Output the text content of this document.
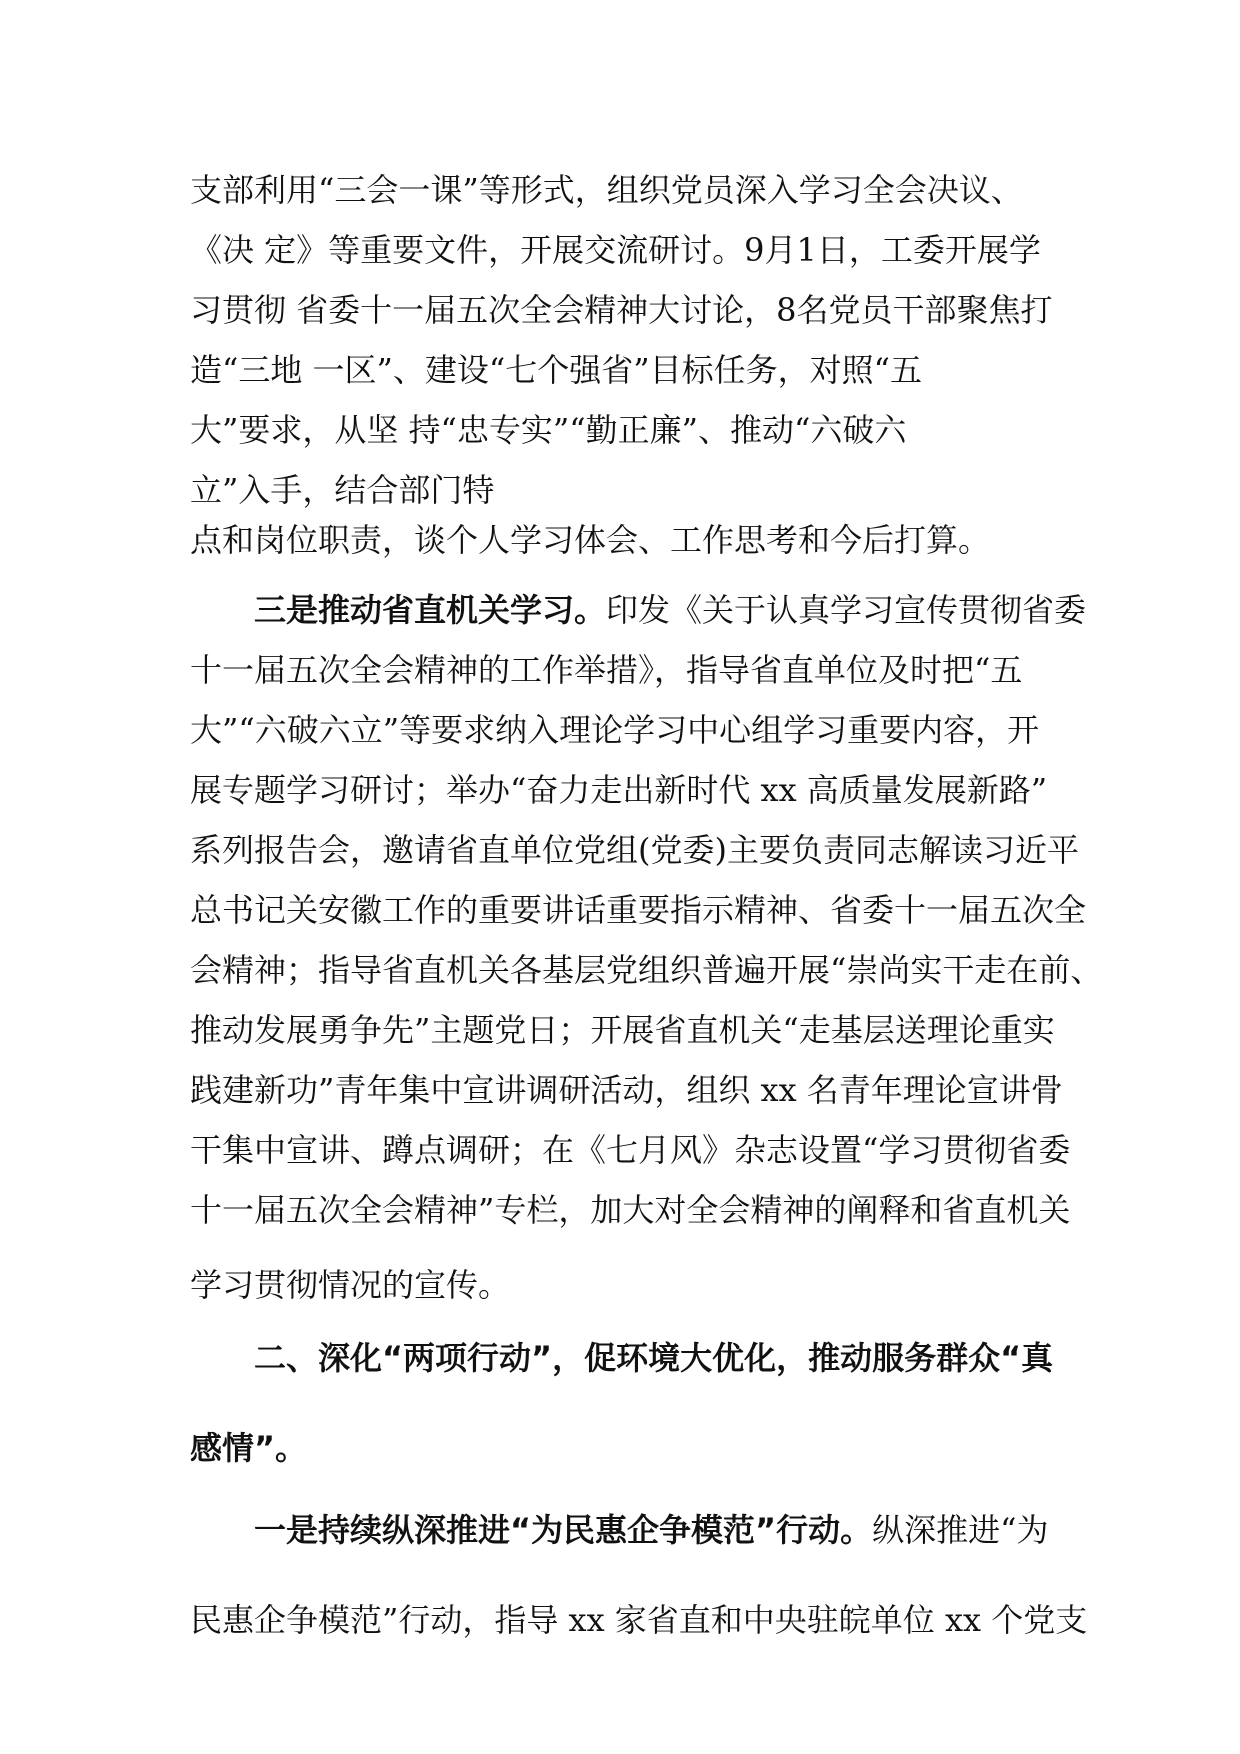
支部利用“三会一课”等形式，组织党员深入学习全会决议、
《决 定》等重要文件，开展交流研讨。9月1日，工委开展学
习贯彻 省委十一届五次全会精神大讨论，8名党员干部聚焦打
造“三地 一区”、建设“七个强省”目标任务，对照“五
大”要求，从坚 持“忠专实”“勤正廉”、推动“六破六
立”入手，结合部门特
点和岗位职责，谈个人学习体会、工作思考和今后打算。
三是推动省直机关学习。印发《关于认真学习宣传贯彻省委
十一届五次全会精神的工作举措》，指导省直单位及时把“五
大”“六破六立”等要求纳入理论学习中心组学习重要内容，开
展专题学习研讨；举办“奋力走出新时代 xx 高质量发展新路”
系列报告会，邀请省直单位党组(党委)主要负责同志解读习近平
总书记关安徽工作的重要讲话重要指示精神、省委十一届五次全
会精神；指导省直机关各基层党组织普遍开展“崇尚实干走在前、
推动发展勇争先”主题党日；开展省直机关“走基层送理论重实
践建新功”青年集中宣讲调研活动，组织 xx 名青年理论宣讲骨
干集中宣讲、蹲点调研；在《七月风》杂志设置“学习贯彻省委
十一届五次全会精神”专栏，加大对全会精神的阐释和省直机关
学习贯彻情况的宣传。
二、深化“两项行动”，促环境大优化，推动服务群众“真
感情”。
一是持续纵深推进“为民惠企争模范”行动。纵深推进“为
民惠企争模范”行动，指导 xx 家省直和中央驻皖单位 xx 个党支
